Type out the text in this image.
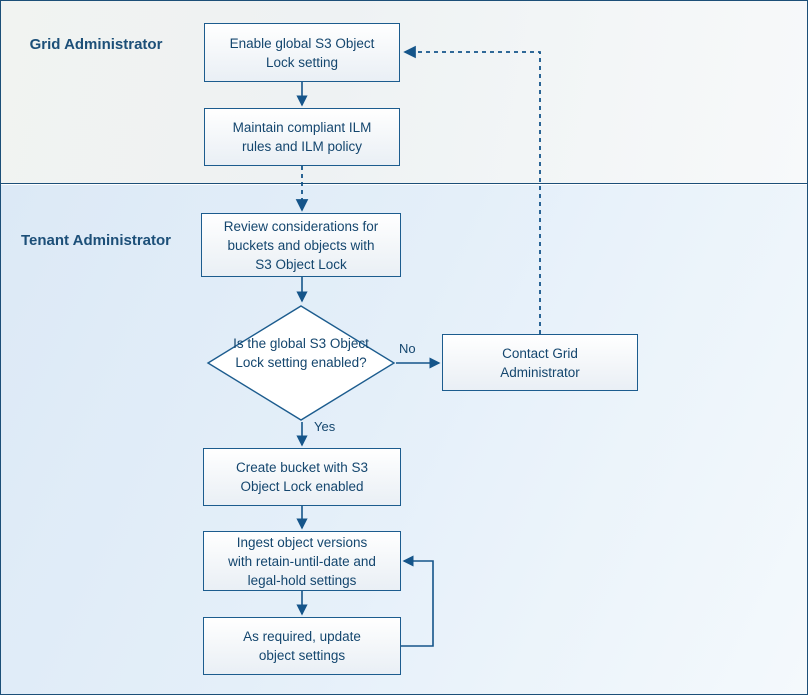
Grid Administrator
Tenant Administrator
Enable global S3 Object
Lock setting
Maintain compliant ILM
rules and ILM policy
Review considerations for
buckets and objects with
S3 Object Lock
Is the global S3 Object Lock setting enabled?
Contact Grid
Administrator
Create bucket with S3
Object Lock enabled
Ingest object versions
with retain-until-date and
legal-hold settings
As required, update
object settings
No
Yes
